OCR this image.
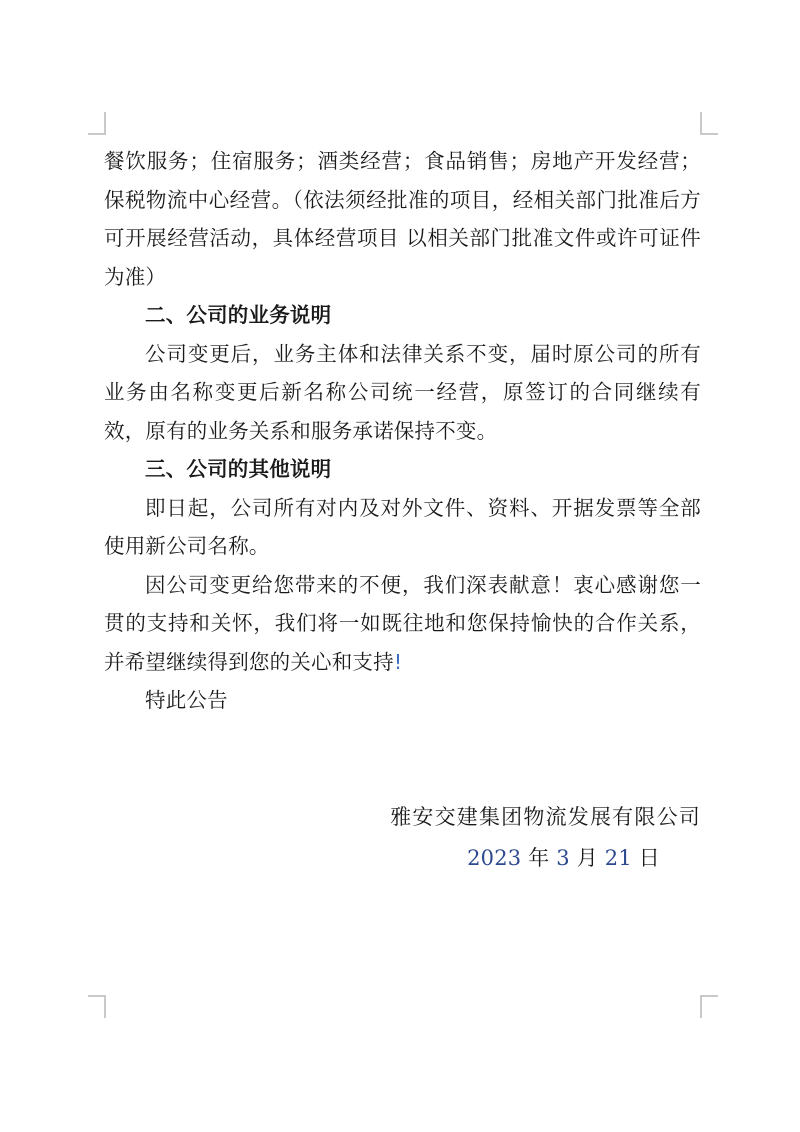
餐饮服务；住宿服务；酒类经营；食品销售；房地产开发经营；保税物流中心经营。（依法须经批准的项目，经相关部门批准后方可开展经营活动，具体经营项目 以相关部门批准文件或许可证件为准）

二、公司的业务说明

公司变更后，业务主体和法律关系不变，届时原公司的所有业务由名称变更后新名称公司统一经营，原签订的合同继续有效，原有的业务关系和服务承诺保持不变。

三、公司的其他说明

即日起，公司所有对内及对外文件、资料、开据发票等全部使用新公司名称。

因公司变更给您带来的不便，我们深表献意！衷心感谢您一贯的支持和关怀，我们将一如既往地和您保持愉快的合作关系，并希望继续得到您的关心和支持!

特此公告

雅安交建集团物流发展有限公司
2023 年 3 月 21 日
